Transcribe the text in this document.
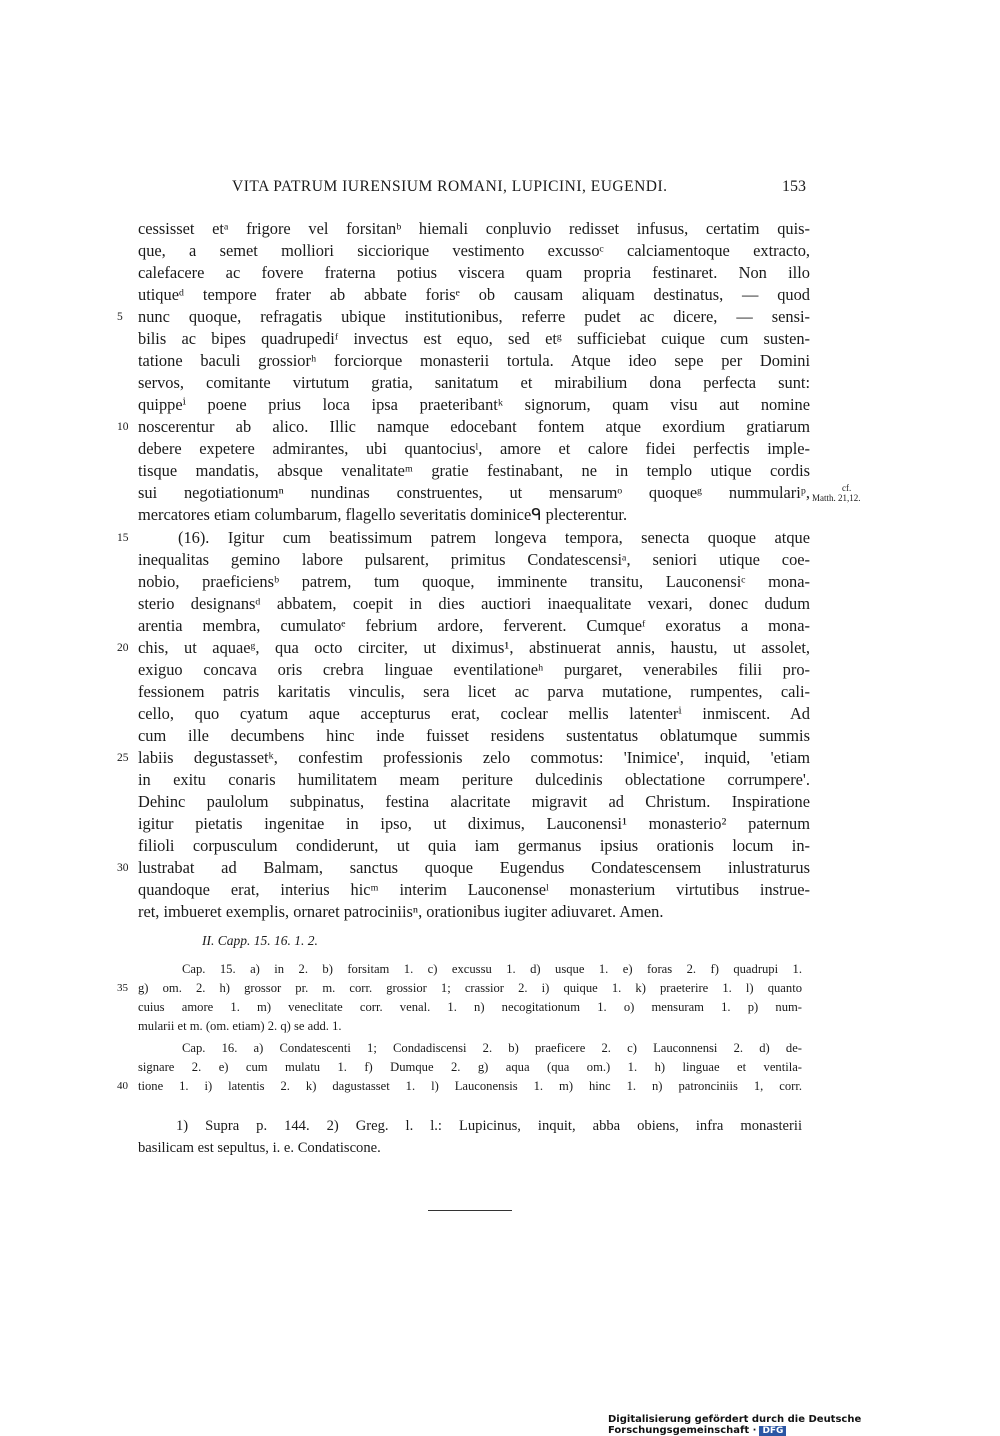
VITA PATRUM IURENSIUM ROMANI, LUPICINI, EUGENDI.	153
cessisset etᵃ frigore vel forsitanᵇ hiemali conpluvio redisset infusus, certatim quis-
que, a semet molliori sicciorique vestimento excussoᶜ calciamentoque extracto,
calefacere ac fovere fraterna potius viscera quam propria festinaret. Non illo
utiqueᵈ tempore frater ab abbate forisᵉ ob causam aliquam destinatus, — quod
nunc quoque, refragatis ubique institutionibus, referre pudet ac dicere, — sensi-
bilis ac bipes quadrupediᶠ invectus est equo, sed etᵍ sufficiebat cuique cum susten-
tatione baculi grossiorʰ forciorque monasterii tortula. Atque ideo sepe per Domini
servos, comitante virtutum gratia, sanitatum et mirabilium dona perfecta sunt:
quippeⁱ poene prius loca ipsa praeteribantᵏ signorum, quam visu aut nomine
noscerentur ab alico. Illic namque edocebant fontem atque exordium gratiarum
debere expetere admirantes, ubi quantociusˡ, amore et calore fidei perfectis imple-
tisque mandatis, absque venalitateᵐ gratie festinabant, ne in templo utique cordis
sui negotiationumⁿ nundinas construentes, ut mensarumᵒ quoqueᵍ nummulariᵖ,
mercatores etiam columbarum, flagello severitatis dominiceᑫ plecterentur.
(16). Igitur cum beatissimum patrem longeva tempora, senecta quoque atque
inequalitas gemino labore pulsarent, primitus Condatescensiᵃ, seniori utique coe-
nobio, praeficiensᵇ patrem, tum quoque, imminente transitu, Lauconensiᶜ mona-
sterio designansᵈ abbatem, coepit in dies auctiori inaequalitate vexari, donec dudum
arentia membra, cumulatoᵉ febrium ardore, ferverent. Cumqueᶠ exoratus a mona-
chis, ut aquaeᵍ, qua octo circiter, ut diximus¹, abstinuerat annis, haustu, ut assolet,
exiguo concava oris crebra linguae eventilationeʰ purgaret, venerabiles filii pro-
fessionem patris karitatis vinculis, sera licet ac parva mutatione, rumpentes, cali-
cello, quo cyatum aque accepturus erat, coclear mellis latenterⁱ inmiscent. Ad
cum ille decumbens hinc inde fuisset residens sustentatus oblatumque summis
labiis degustassetᵏ, confestim professionis zelo commotus: 'Inimice', inquid, 'etiam
in exitu conaris humilitatem meam periture dulcedinis oblectatione corrumpere'.
Dehinc paulolum subpinatus, festina alacritate migravit ad Christum. Inspiratione
igitur pietatis ingenitae in ipso, ut diximus, Lauconensi¹ monasterio² paternum
filioli corpusculum condiderunt, ut quia iam germanus ipsius orationis locum in-
lustrabat ad Balmam, sanctus quoque Eugendus Condatescensem inlustraturus
quandoque erat, interius hicᵐ interim Lauconenseˡ monasterium virtutibus instrue-
ret, imbueret exemplis, ornaret patrociniisⁿ, orationibus iugiter adiuvaret. Amen.
5
10
15
20
25
30
cf.
Matth. 21,12.
II. Capp. 15. 16. 1. 2.
Cap. 15. a) in 2. b) forsitam 1. c) excussu 1. d) usque 1. e) foras 2. f) quadrupi 1.
g) om. 2. h) grossor pr. m. corr. grossior 1; crassior 2. i) quique 1. k) praeterire 1. l) quanto
cuius amore 1. m) veneclitate corr. venal. 1. n) necogitationum 1. o) mensuram 1. p) num-
mularii et m. (om. etiam) 2. q) se add. 1.
Cap. 16. a) Condatescenti 1; Condadiscensi 2. b) praeficere 2. c) Lauconnensi 2. d) de-
signare 2. e) cum mulatu 1. f) Dumque 2. g) aqua (qua om.) 1. h) linguae et ventila-
tione 1. i) latentis 2. k) dagustasset 1. l) Lauconensis 1. m) hinc 1. n) patronciniis 1, corr.
35
40
1) Supra p. 144. 2) Greg. l. l.: Lupicinus, inquit, abba obiens, infra monasterii
basilicam est sepultus, i. e. Condatiscone.
Digitalisierung gefördert durch die Deutsche Forschungsgemeinschaft · DFG
